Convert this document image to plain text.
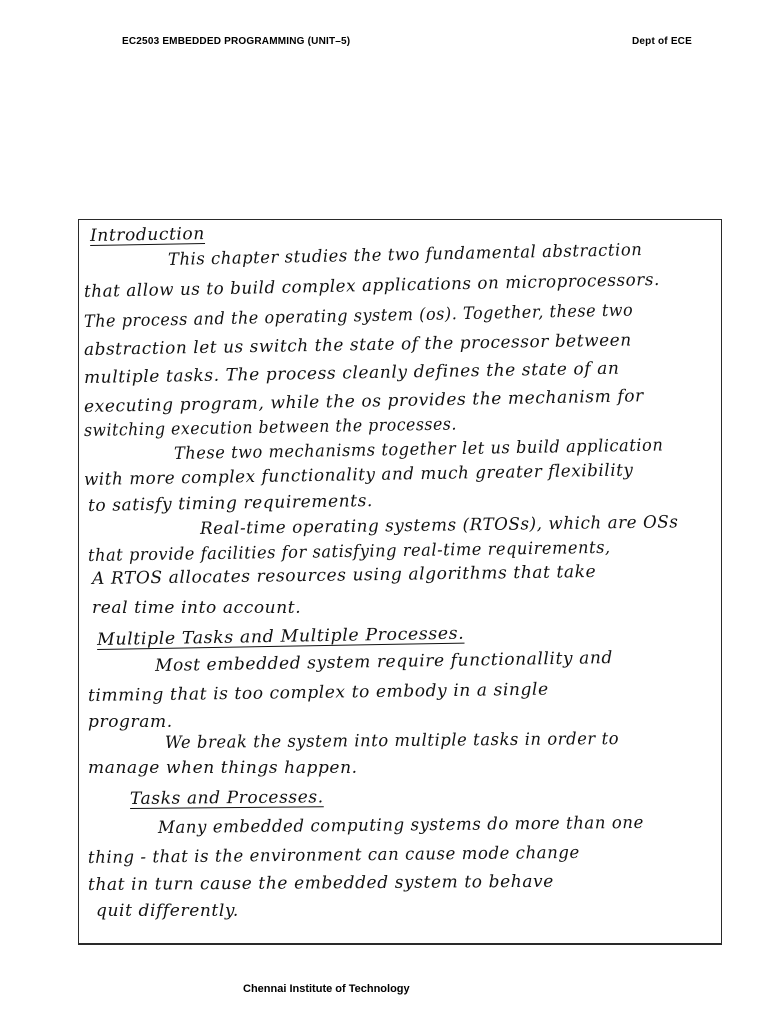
EC2503 EMBEDDED PROGRAMMING (UNIT–5)	Dept of ECE
Introduction
This chapter studies the two fundamental abstraction
that allow us to build complex applications on microprocessors.
The process and the operating system (os). Together, these two
abstraction let us switch the state of the processor between
multiple tasks. The process cleanly defines the state of an
executing program, while the os provides the mechanism for
switching execution between the processes.
These two mechanisms together let us build application
with more complex functionality and much greater flexibility
to satisfy timing requirements.
Real-time operating systems (RTOSs), which are OSs
that provide facilities for satisfying real-time requirements,
A RTOS allocates resources using algorithms that take
real time into account.
Multiple Tasks and Multiple Processes.
Most embedded system require functionallity and
timming that is too complex to embody in a single
program.
We break the system into multiple tasks in order to
manage when things happen.
Tasks and Processes.
Many embedded computing systems do more than one
thing - that is the environment can cause mode change
that in turn cause the embedded system to behave
quit differently.
Chennai Institute of Technology
